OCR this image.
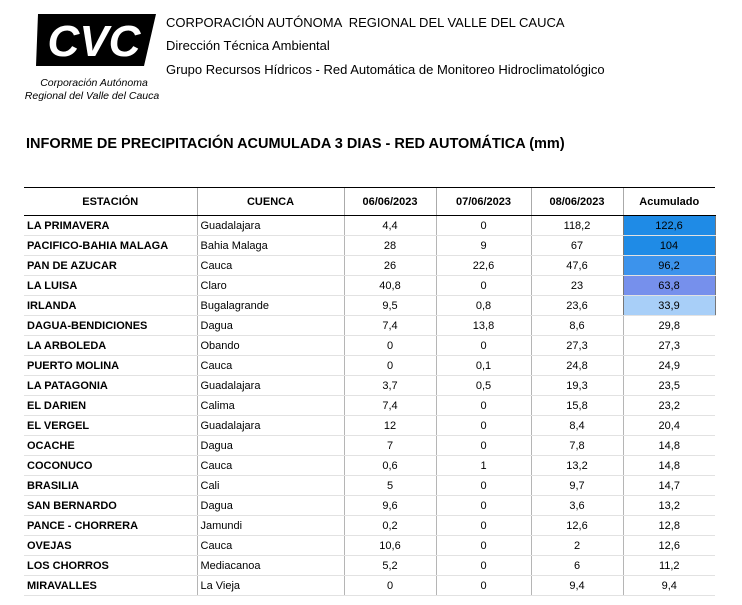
CVC
Corporación Autónoma
Regional del Valle del Cauca
CORPORACIÓN AUTÓNOMA  REGIONAL DEL VALLE DEL CAUCA
Dirección Técnica Ambiental
Grupo Recursos Hídricos - Red Automática de Monitoreo Hidroclimatológico
INFORME DE PRECIPITACIÓN ACUMULADA 3 DIAS - RED AUTOMÁTICA (mm)
ESTACIÓN	CUENCA	06/06/2023	07/06/2023	08/06/2023	Acumulado
LA PRIMAVERA	Guadalajara	4,4	0	118,2	122,6
PACIFICO-BAHIA MALAGA	Bahia Malaga	28	9	67	104
PAN DE AZUCAR	Cauca	26	22,6	47,6	96,2
LA LUISA	Claro	40,8	0	23	63,8
IRLANDA	Bugalagrande	9,5	0,8	23,6	33,9
DAGUA-BENDICIONES	Dagua	7,4	13,8	8,6	29,8
LA ARBOLEDA	Obando	0	0	27,3	27,3
PUERTO MOLINA	Cauca	0	0,1	24,8	24,9
LA PATAGONIA	Guadalajara	3,7	0,5	19,3	23,5
EL DARIEN	Calima	7,4	0	15,8	23,2
EL VERGEL	Guadalajara	12	0	8,4	20,4
OCACHE	Dagua	7	0	7,8	14,8
COCONUCO	Cauca	0,6	1	13,2	14,8
BRASILIA	Cali	5	0	9,7	14,7
SAN BERNARDO	Dagua	9,6	0	3,6	13,2
PANCE - CHORRERA	Jamundi	0,2	0	12,6	12,8
OVEJAS	Cauca	10,6	0	2	12,6
LOS CHORROS	Mediacanoa	5,2	0	6	11,2
MIRAVALLES	La Vieja	0	0	9,4	9,4
